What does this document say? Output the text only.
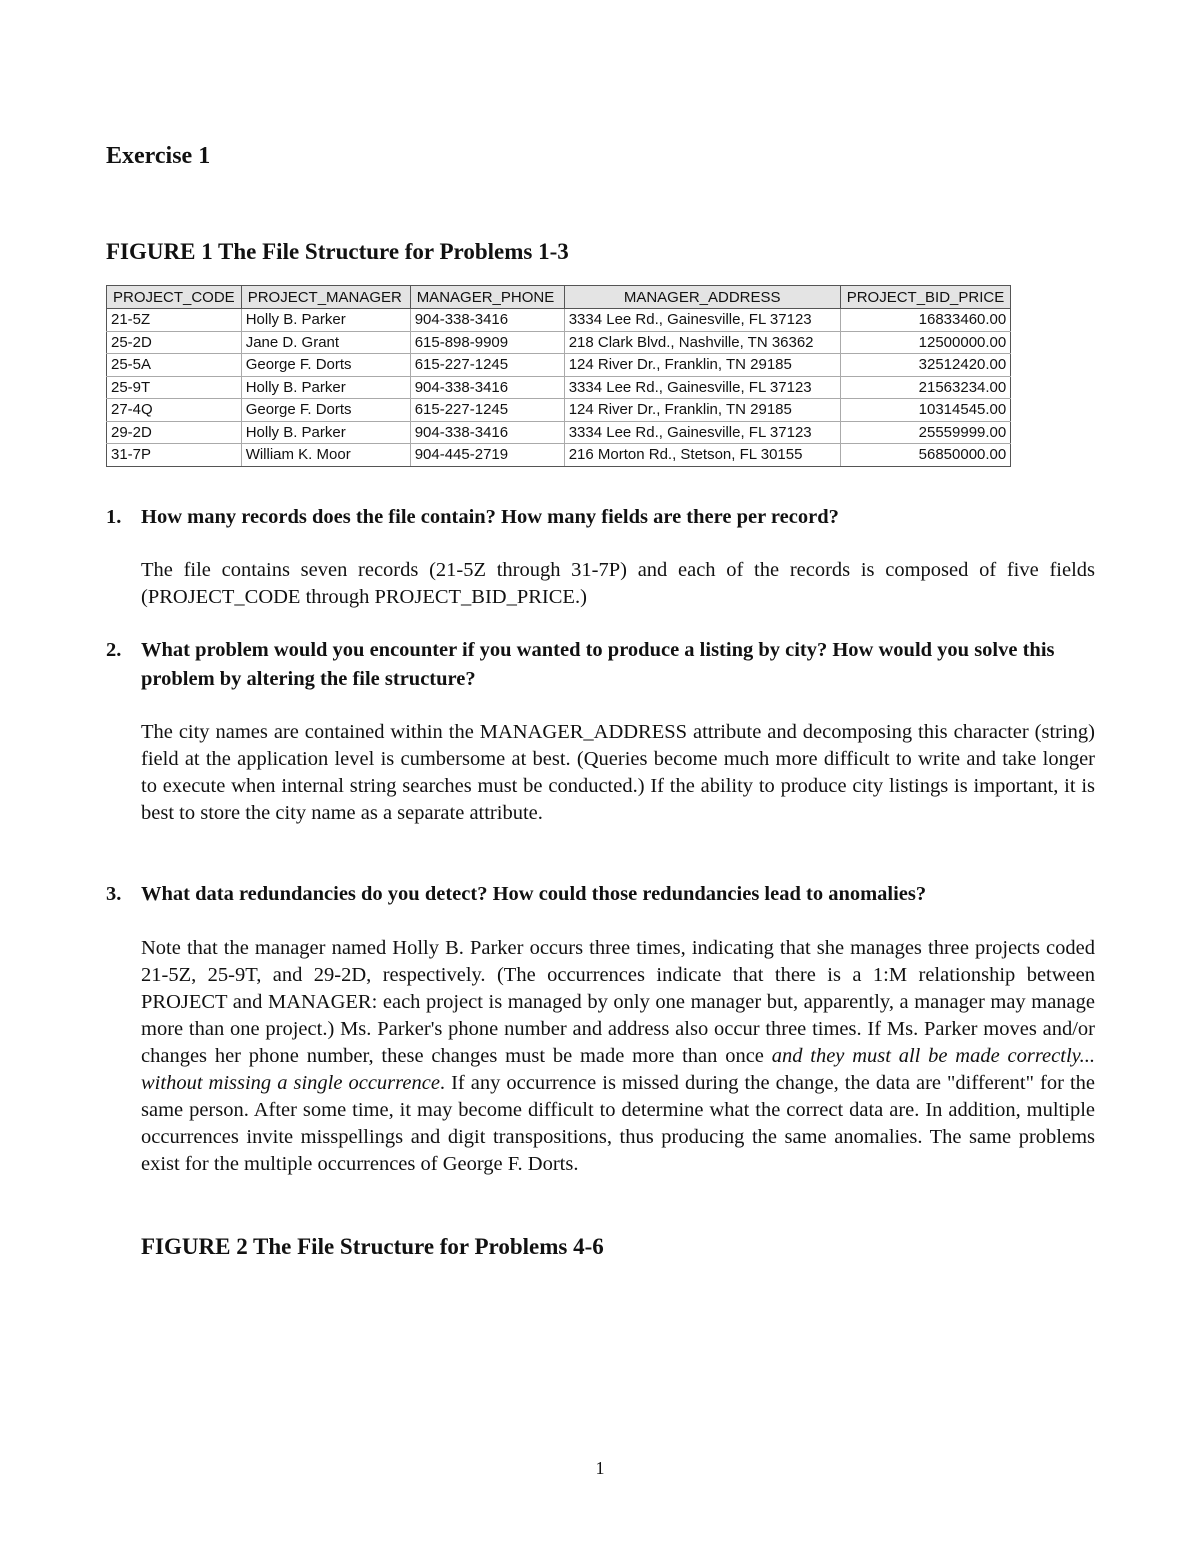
Exercise 1
FIGURE 1 The File Structure for Problems 1-3
PROJECT_CODE	PROJECT_MANAGER	MANAGER_PHONE	MANAGER_ADDRESS	PROJECT_BID_PRICE
21-5Z	Holly B. Parker	904-338-3416	3334 Lee Rd., Gainesville, FL 37123	16833460.00
25-2D	Jane D. Grant	615-898-9909	218 Clark Blvd., Nashville, TN 36362	12500000.00
25-5A	George F. Dorts	615-227-1245	124 River Dr., Franklin, TN 29185	32512420.00
25-9T	Holly B. Parker	904-338-3416	3334 Lee Rd., Gainesville, FL 37123	21563234.00
27-4Q	George F. Dorts	615-227-1245	124 River Dr., Franklin, TN 29185	10314545.00
29-2D	Holly B. Parker	904-338-3416	3334 Lee Rd., Gainesville, FL 37123	25559999.00
31-7P	William K. Moor	904-445-2719	216 Morton Rd., Stetson, FL 30155	56850000.00
1. How many records does the file contain? How many fields are there per record?

The file contains seven records (21-5Z through 31-7P) and each of the records is composed of five fields (PROJECT_CODE through PROJECT_BID_PRICE.)

2. What problem would you encounter if you wanted to produce a listing by city? How would you solve this problem by altering the file structure?

The city names are contained within the MANAGER_ADDRESS attribute and decomposing this character (string) field at the application level is cumbersome at best. (Queries become much more difficult to write and take longer to execute when internal string searches must be conducted.) If the ability to produce city listings is important, it is best to store the city name as a separate attribute.

3. What data redundancies do you detect? How could those redundancies lead to anomalies?

Note that the manager named Holly B. Parker occurs three times, indicating that she manages three projects coded 21-5Z, 25-9T, and 29-2D, respectively. (The occurrences indicate that there is a 1:M relationship between PROJECT and MANAGER: each project is managed by only one manager but, apparently, a manager may manage more than one project.) Ms. Parker's phone number and address also occur three times. If Ms. Parker moves and/or changes her phone number, these changes must be made more than once and they must all be made correctly... without missing a single occurrence. If any occurrence is missed during the change, the data are "different" for the same person. After some time, it may become difficult to determine what the correct data are. In addition, multiple occurrences invite misspellings and digit transpositions, thus producing the same anomalies. The same problems exist for the multiple occurrences of George F. Dorts.

FIGURE 2 The File Structure for Problems 4-6

1
